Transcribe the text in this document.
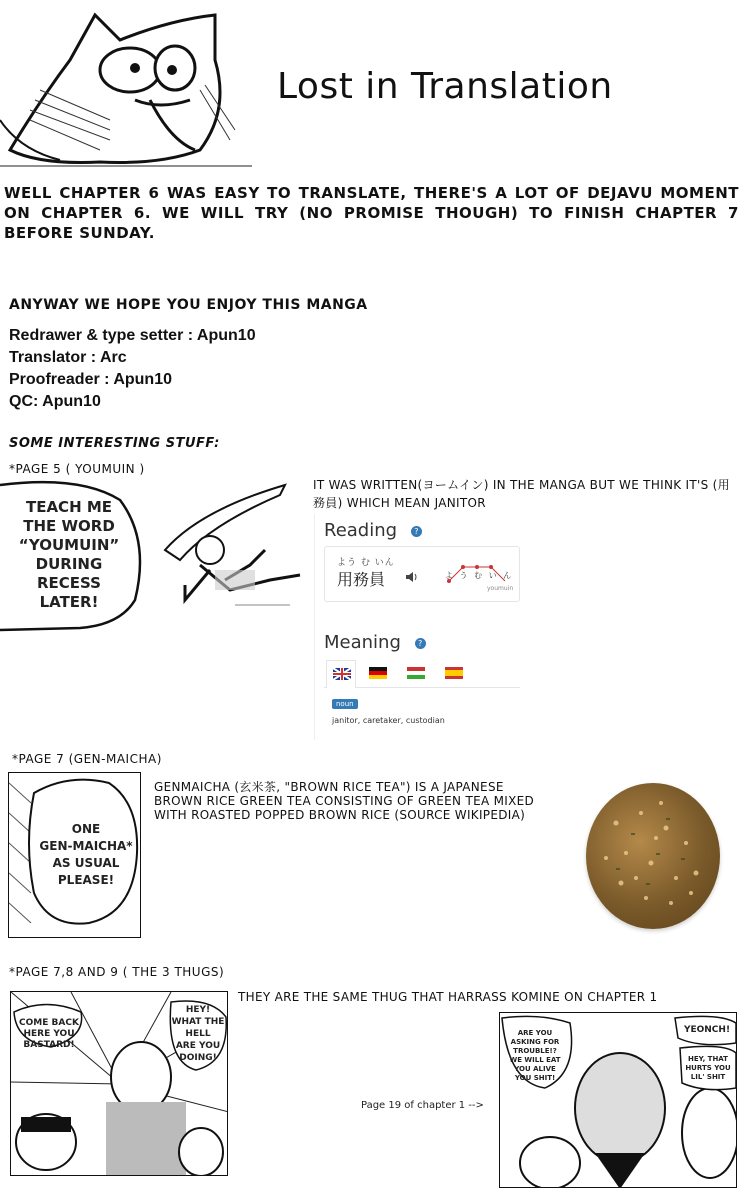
Lost in Translation
WELL CHAPTER 6 WAS EASY TO TRANSLATE, THERE'S A LOT OF DEJAVU MOMENT ON CHAPTER 6. WE WILL TRY (NO PROMISE THOUGH) TO FINISH CHAPTER 7 BEFORE SUNDAY.
ANYWAY WE HOPE YOU ENJOY THIS MANGA
Redrawer & type setter : Apun10
Translator : Arc
Proofreader : Apun10
QC: Apun10
SOME INTERESTING STUFF:
*PAGE 5 ( YOUMUIN )
TEACH ME
THE WORD
“YOUMUIN”
DURING
RECESS
LATER!
IT WAS WRITTEN(ヨームイン) IN THE MANGA BUT WE THINK IT'S (用務員) WHICH MEAN JANITOR
Reading ?
よう む いん
用務員	よ う む い ん
youmuin
Meaning ?
noun
janitor, caretaker, custodian
*PAGE 7 (GEN-MAICHA)
ONE
GEN-MAICHA*
AS USUAL
PLEASE!
GENMAICHA (玄米茶, "BROWN RICE TEA") IS A JAPANESE BROWN RICE GREEN TEA CONSISTING OF GREEN TEA MIXED WITH ROASTED POPPED BROWN RICE (SOURCE WIKIPEDIA)
*PAGE 7,8 AND 9 ( THE 3 THUGS)
COME BACK
HERE YOU
BASTARD!
HEY!
WHAT THE
HELL
ARE YOU
DOING!
THEY ARE THE SAME THUG THAT HARRASS KOMINE ON CHAPTER 1
Page 19 of chapter 1 -->
ARE YOU
ASKING FOR
TROUBLE!?
WE WILL EAT
YOU ALIVE
YOU SHIT!
YEONCH!
HEY, THAT
HURTS YOU
LIL' SHIT
